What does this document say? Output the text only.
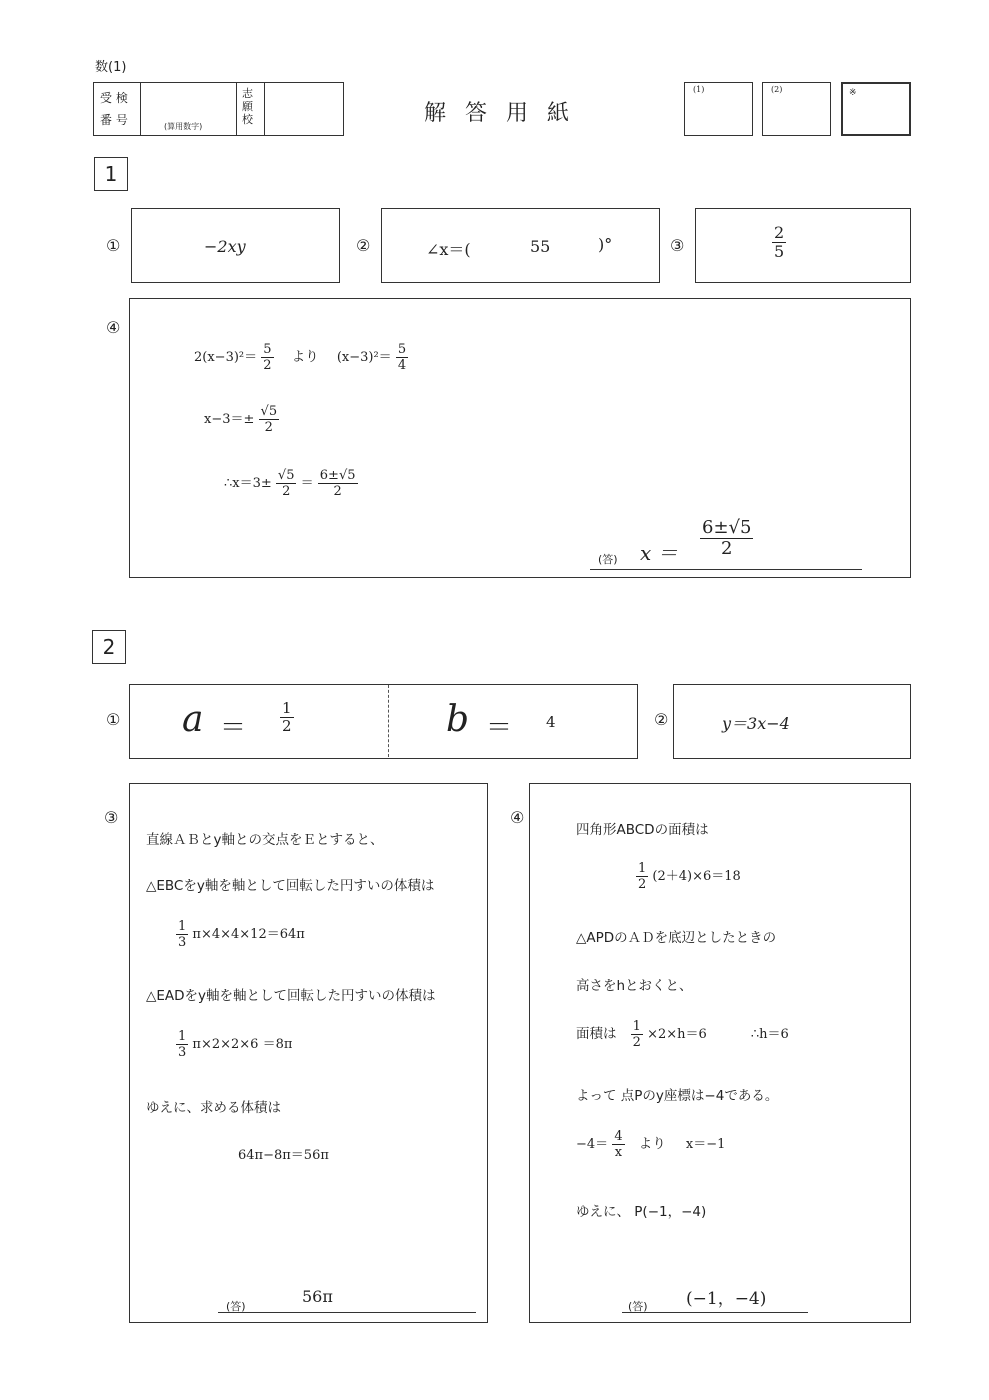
数(1)
受 検
番 号	(算用数字)
志願校	解 答 用 紙
(1)	(2)	※
1
①	−2xy	②	∠x＝(	55	)°	③	$\frac{2}{5}$
④
$2(x-3)^2= \frac{5}{2}$ より $(x-3)^2= \frac{5}{4}$
$x-3=\pm \frac{√5}{2}$
∴x＝3± $\frac{√5}{2} = \frac{6\pm√5}{2}$
(答) $x = \frac{6\pm√5}{2}$
2
① $a = \frac{1}{2}$	b ＝ 4	②	y＝3x−4
③
直線ＡＢとy軸との交点をＥとすると、
△EBCをy軸を軸として回転した円すいの体積は
$\frac{1}{3} \pi\times 4\times 4\times 12=64\pi$
△EADをy軸を軸として回転した円すいの体積は
$\frac{1}{3} \pi\times 2\times 2\times 6 =8\pi$
ゆえに、求める体積は
64π−8π＝56π
(答)
56π
④
四角形ABCDの面積は
$\frac{1}{2} (2+4)\times 6=18$
△APDのＡＤを底辺としたときの
高さをhとおくと、
面積は $\frac{1}{2} \times 2\times h=6$	∴h＝6
よって 点Pのy座標は−4である。
$-4= \frac{4}{x}$ より x＝−1
ゆえに、 P(−1，−4)
(答) (−1，−4)
